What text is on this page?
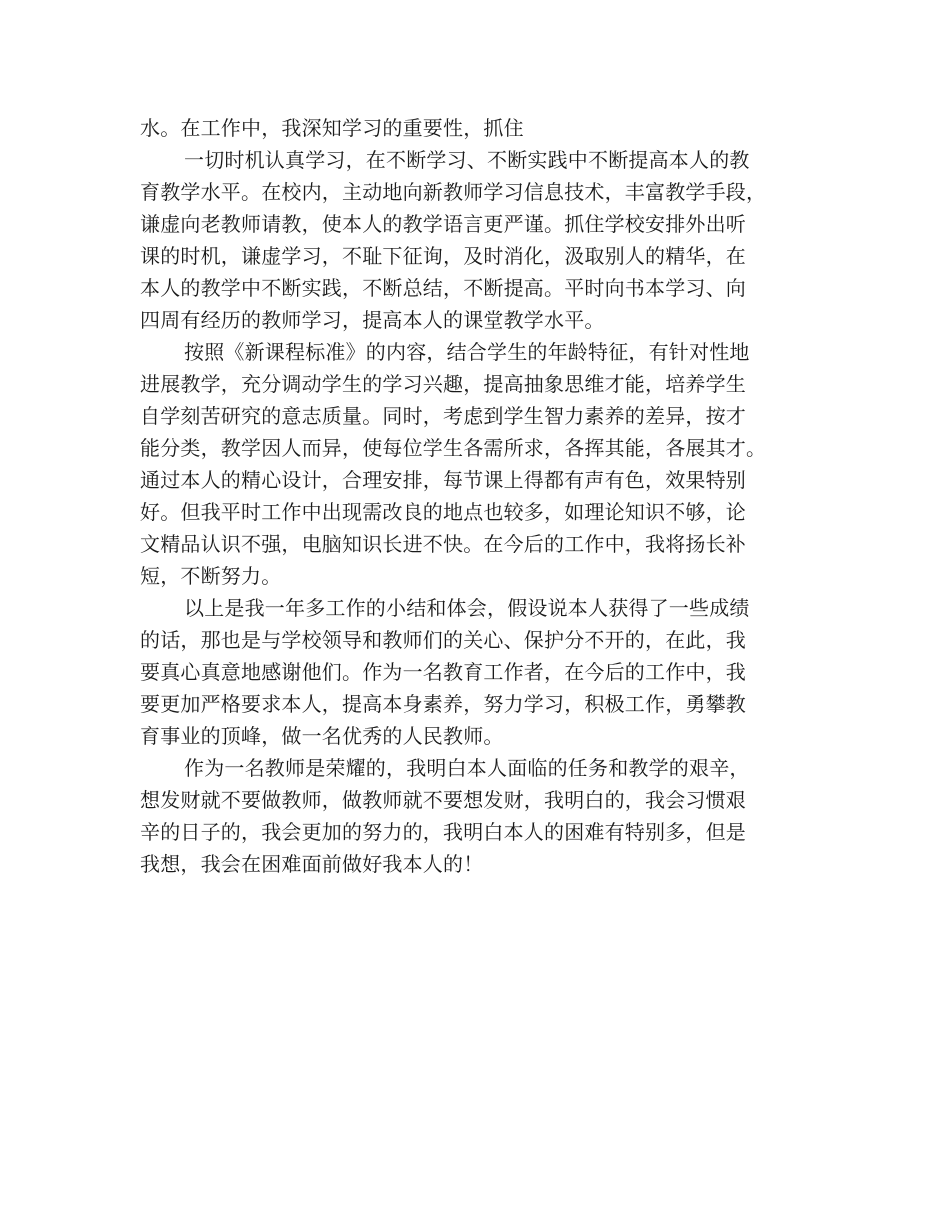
水。在工作中，我深知学习的重要性，抓住
一切时机认真学习，在不断学习、不断实践中不断提高本人的教
育教学水平。在校内，主动地向新教师学习信息技术，丰富教学手段，
谦虚向老教师请教，使本人的教学语言更严谨。抓住学校安排外出听
课的时机，谦虚学习，不耻下征询，及时消化，汲取别人的精华，在
本人的教学中不断实践，不断总结，不断提高。平时向书本学习、向
四周有经历的教师学习，提高本人的课堂教学水平。
按照《新课程标准》的内容，结合学生的年龄特征，有针对性地
进展教学，充分调动学生的学习兴趣，提高抽象思维才能，培养学生
自学刻苦研究的意志质量。同时，考虑到学生智力素养的差异，按才
能分类，教学因人而异，使每位学生各需所求，各挥其能，各展其才。
通过本人的精心设计，合理安排，每节课上得都有声有色，效果特别
好。但我平时工作中出现需改良的地点也较多，如理论知识不够，论
文精品认识不强，电脑知识长进不快。在今后的工作中，我将扬长补
短，不断努力。
以上是我一年多工作的小结和体会，假设说本人获得了一些成绩
的话，那也是与学校领导和教师们的关心、保护分不开的，在此，我
要真心真意地感谢他们。作为一名教育工作者，在今后的工作中，我
要更加严格要求本人，提高本身素养，努力学习，积极工作，勇攀教
育事业的顶峰，做一名优秀的人民教师。
作为一名教师是荣耀的，我明白本人面临的任务和教学的艰辛，
想发财就不要做教师，做教师就不要想发财，我明白的，我会习惯艰
辛的日子的，我会更加的努力的，我明白本人的困难有特别多，但是
我想，我会在困难面前做好我本人的！
